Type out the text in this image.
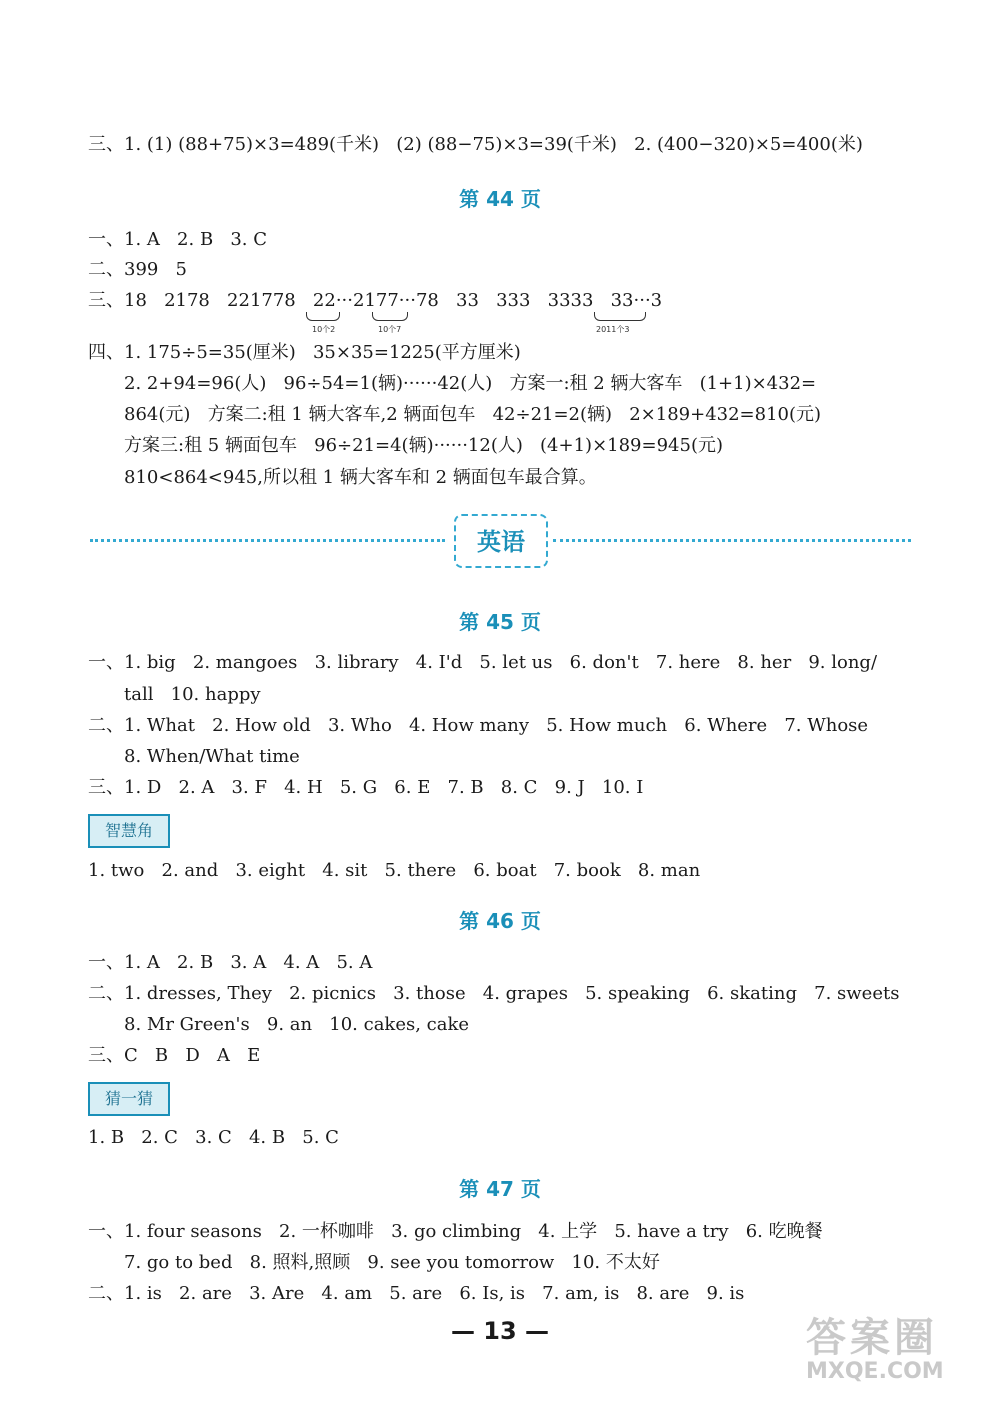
三、1. (1) (88+75)×3=489(千米)   (2) (88−75)×3=39(千米)   2. (400−320)×5=400(米)
第 44 页
一、1. A   2. B   3. C
二、399   5
三、18   2178   221778   22···2177···78   33   333   3333   33···3
10个2	10个7	2011个3
四、1. 175÷5=35(厘米)   35×35=1225(平方厘米)
2. 2+94=96(人)   96÷54=1(辆)······42(人)   方案一:租 2 辆大客车   (1+1)×432=
864(元)   方案二:租 1 辆大客车,2 辆面包车   42÷21=2(辆)   2×189+432=810(元)
方案三:租 5 辆面包车   96÷21=4(辆)······12(人)   (4+1)×189=945(元)
810<864<945,所以租 1 辆大客车和 2 辆面包车最合算。
英语
第 45 页
一、1. big   2. mangoes   3. library   4. I'd   5. let us   6. don't   7. here   8. her   9. long/
tall   10. happy
二、1. What   2. How old   3. Who   4. How many   5. How much   6. Where   7. Whose
8. When/What time
三、1. D   2. A   3. F   4. H   5. G   6. E   7. B   8. C   9. J   10. I
智慧角
1. two   2. and   3. eight   4. sit   5. there   6. boat   7. book   8. man
第 46 页
一、1. A   2. B   3. A   4. A   5. A
二、1. dresses, They   2. picnics   3. those   4. grapes   5. speaking   6. skating   7. sweets
8. Mr Green's   9. an   10. cakes, cake
三、C   B   D   A   E
猜一猜
1. B   2. C   3. C   4. B   5. C
第 47 页
一、1. four seasons   2. 一杯咖啡   3. go climbing   4. 上学   5. have a try   6. 吃晚餐
7. go to bed   8. 照料,照顾   9. see you tomorrow   10. 不太好
二、1. is   2. are   3. Are   4. am   5. are   6. Is, is   7. am, is   8. are   9. is
— 13 —	答案圈
MXQE.COM
